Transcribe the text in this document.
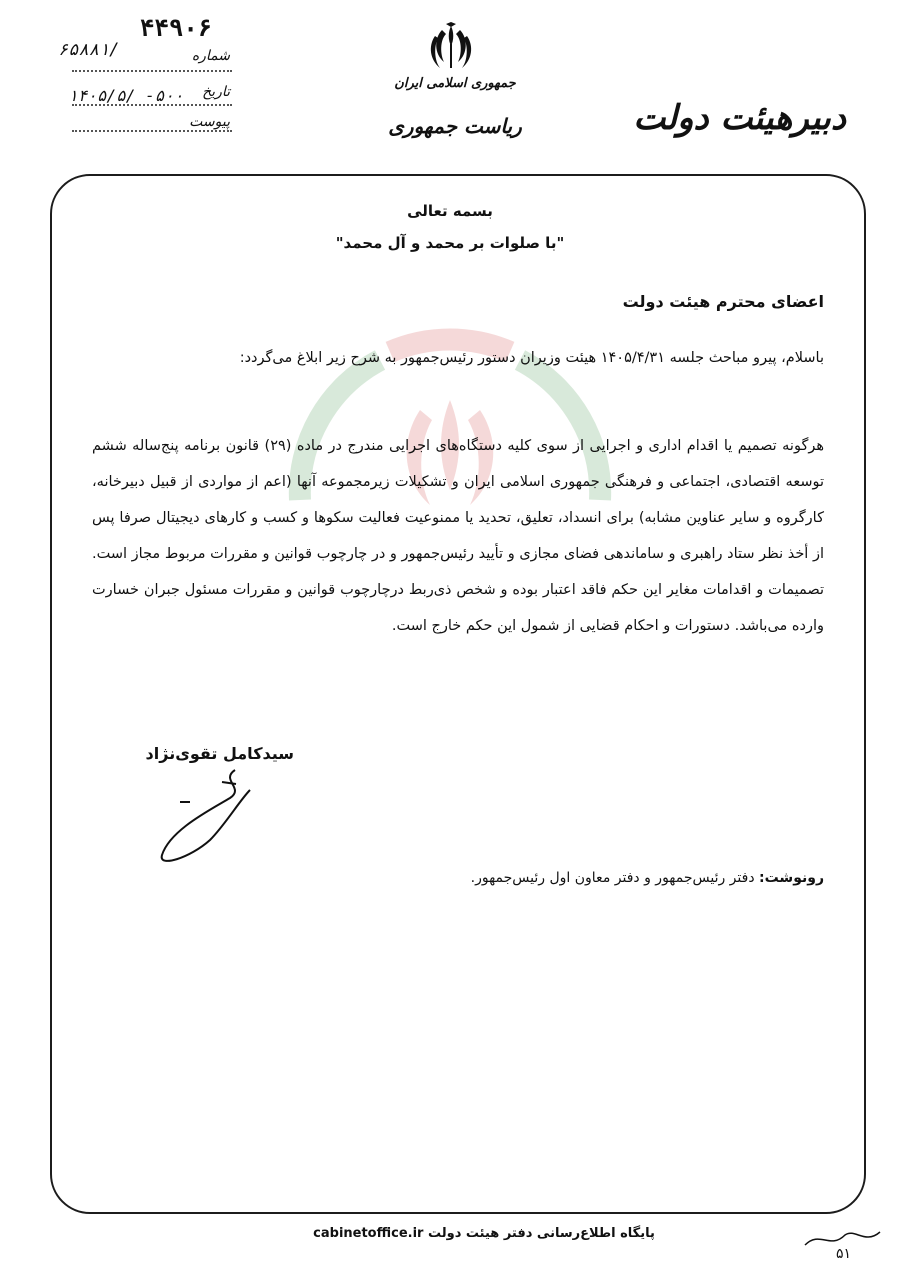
دبیرهیئت دولت
جمهوری اسلامی ایران
ریاست جمهوری
۴۴۹۰۶
۶۵۸۸۱/	شماره
تاریخ
پیوست
۱۴۰۵/۵/ -۵۰۰
بسمه تعالی
"با صلوات بر محمد و آل محمد"
اعضای محترم هیئت دولت

باسلام، پیرو مباحث جلسه ۱۴۰۵/۴/۳۱ هیئت وزیران دستور رئیس‌جمهور به شرح زیر ابلاغ می‌گردد:

هرگونه تصمیم یا اقدام اداری و اجرایی از سوی کلیه دستگاه‌های اجرایی مندرج در ماده (۲۹) قانون برنامه پنج‌ساله ششم توسعه اقتصادی، اجتماعی و فرهنگی جمهوری اسلامی ایران و تشکیلات زیرمجموعه آنها (اعم از مواردی از قبیل دبیرخانه، کارگروه و سایر عناوین مشابه) برای انسداد، تعلیق، تحدید یا ممنوعیت فعالیت سکوها و کسب و کارهای دیجیتال صرفا پس از أخذ نظر ستاد راهبری و ساماندهی فضای مجازی و تأیید رئیس‌جمهور و در چارچوب قوانین و مقررات مربوط مجاز است. تصمیمات و اقدامات مغایر این حکم فاقد اعتبار بوده و شخص ذی‌ربط درچارچوب قوانین و مقررات مسئول جبران خسارت وارده می‌باشد. دستورات و احکام قضایی از شمول این حکم خارج است.

سیدکامل تقوی‌نژاد
رونوشت: دفتر رئیس‌جمهور و دفتر معاون اول رئیس‌جمهور.
پایگاه اطلاع‌رسانی دفتر هیئت دولت cabinetoffice.ir
۵۱
